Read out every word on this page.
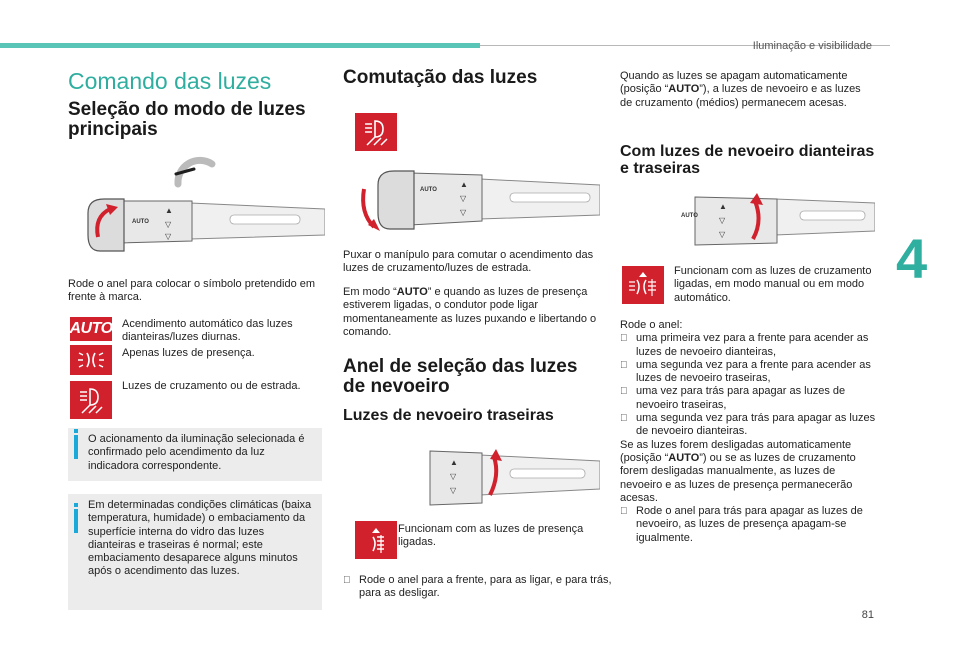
Iluminação e visibilidade
4
81
Comando das luzes
Seleção do modo de luzes principais
AUTO
▲
▽
▽
Rode o anel para colocar o símbolo pretendido em frente à marca.
AUTO Acendimento automático das luzes dianteiras/luzes diurnas.
Apenas luzes de presença.
Luzes de cruzamento ou de estrada.
O acionamento da iluminação selecionada é confirmado pelo acendimento da luz indicadora correspondente.
Em determinadas condições climáticas (baixa temperatura, humidade) o embaciamento da superfície interna do vidro das luzes dianteiras e traseiras é normal; este embaciamento desaparece alguns minutos após o acendimento das luzes.
Comutação das luzes
AUTO
▲
▽
▽
Puxar o manípulo para comutar o acendimento das luzes de cruzamento/luzes de estrada.
Em modo “AUTO” e quando as luzes de presença estiverem ligadas, o condutor pode ligar momentaneamente as luzes puxando e libertando o comando.
Anel de seleção das luzes de nevoeiro
Luzes de nevoeiro traseiras
▲
▽
▽
Funcionam com as luzes de presença ligadas.
Rode o anel para a frente, para as ligar, e para trás, para as desligar.
Quando as luzes se apagam automaticamente (posição “AUTO”), a luzes de nevoeiro e as luzes de cruzamento (médios) permanecem acesas.
Com luzes de nevoeiro dianteiras e traseiras
AUTO
▲
▽
▽
Funcionam com as luzes de cruzamento ligadas, em modo manual ou em modo automático.
Rode o anel:
uma primeira vez para a frente para acender as luzes de nevoeiro dianteiras,
uma segunda vez para a frente para acender as luzes de nevoeiro traseiras,
uma vez para trás para apagar as luzes de nevoeiro traseiras,
uma segunda vez para trás para apagar as luzes de nevoeiro dianteiras.
Se as luzes forem desligadas automaticamente (posição “AUTO”) ou se as luzes de cruzamento forem desligadas manualmente, as luzes de nevoeiro e as luzes de presença permanecerão acesas.
Rode o anel para trás para apagar as luzes de nevoeiro, as luzes de presença apagam-se igualmente.
